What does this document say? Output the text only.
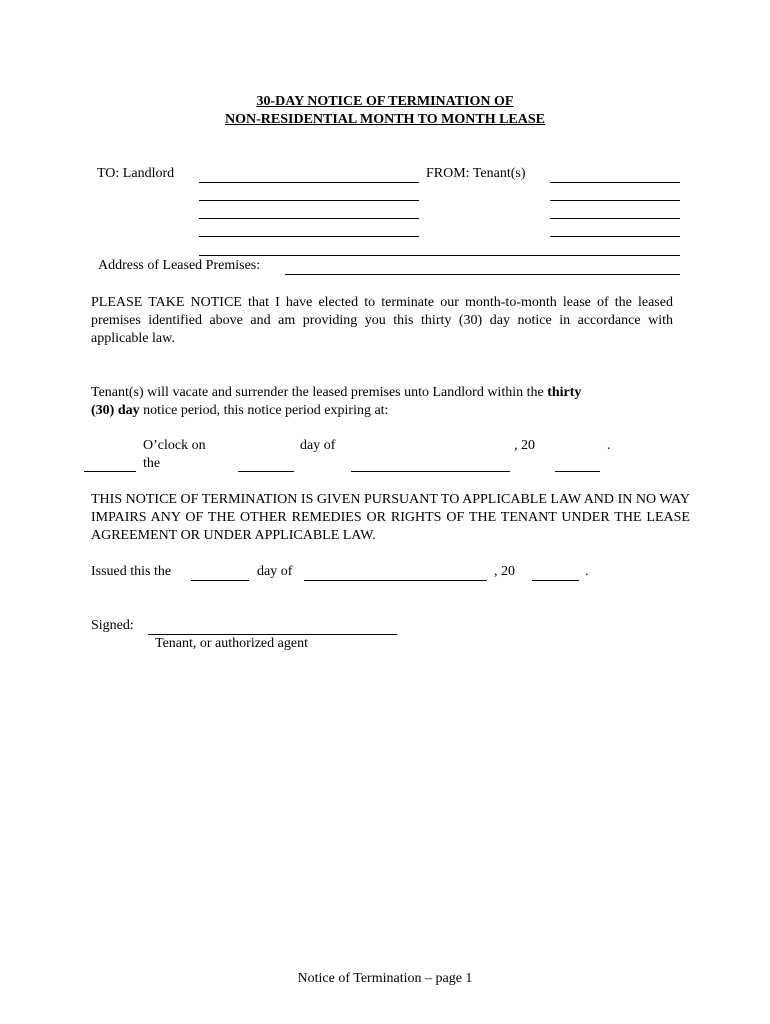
30-DAY NOTICE OF TERMINATION OF
NON-RESIDENTIAL MONTH TO MONTH LEASE
TO: Landlord	FROM: Tenant(s)
Address of Leased Premises:
PLEASE TAKE NOTICE that I have elected to terminate our month-to-month lease of the leased premises identified above and am providing you this thirty (30) day notice in accordance with applicable law.
Tenant(s) will vacate and surrender the leased premises unto Landlord within the thirty
(30) day notice period, this notice period expiring at:
O’clock on	day of	, 20	.
the
THIS NOTICE OF TERMINATION IS GIVEN PURSUANT TO APPLICABLE LAW AND IN NO WAY IMPAIRS ANY OF THE OTHER REMEDIES OR RIGHTS OF THE TENANT UNDER THE LEASE AGREEMENT OR UNDER APPLICABLE LAW.
Issued this the	day of	, 20	.
Signed:
Tenant, or authorized agent
Notice of Termination – page 1
